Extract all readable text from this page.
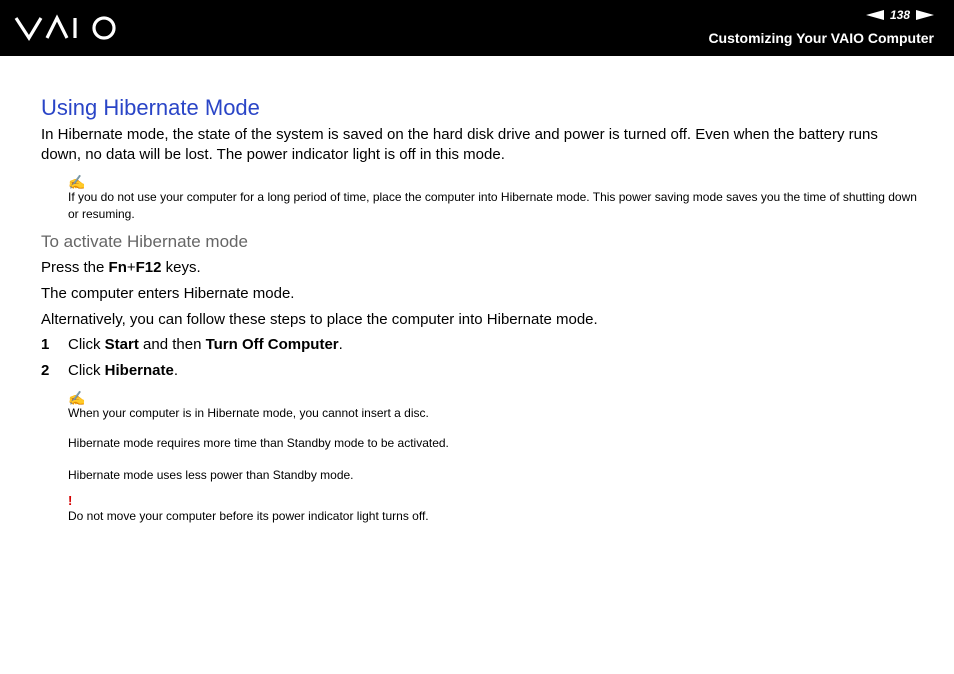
138
Customizing Your VAIO Computer
Using Hibernate Mode

In Hibernate mode, the state of the system is saved on the hard disk drive and power is turned off. Even when the battery runs down, no data will be lost. The power indicator light is off in this mode.

✍

If you do not use your computer for a long period of time, place the computer into Hibernate mode. This power saving mode saves you the time of shutting down or resuming.

To activate Hibernate mode

Press the Fn+F12 keys.

The computer enters Hibernate mode.

Alternatively, you can follow these steps to place the computer into Hibernate mode.

1	Click Start and then Turn Off Computer.
2	Click Hibernate.
✍

When your computer is in Hibernate mode, you cannot insert a disc.

Hibernate mode requires more time than Standby mode to be activated.

Hibernate mode uses less power than Standby mode.

!

Do not move your computer before its power indicator light turns off.
